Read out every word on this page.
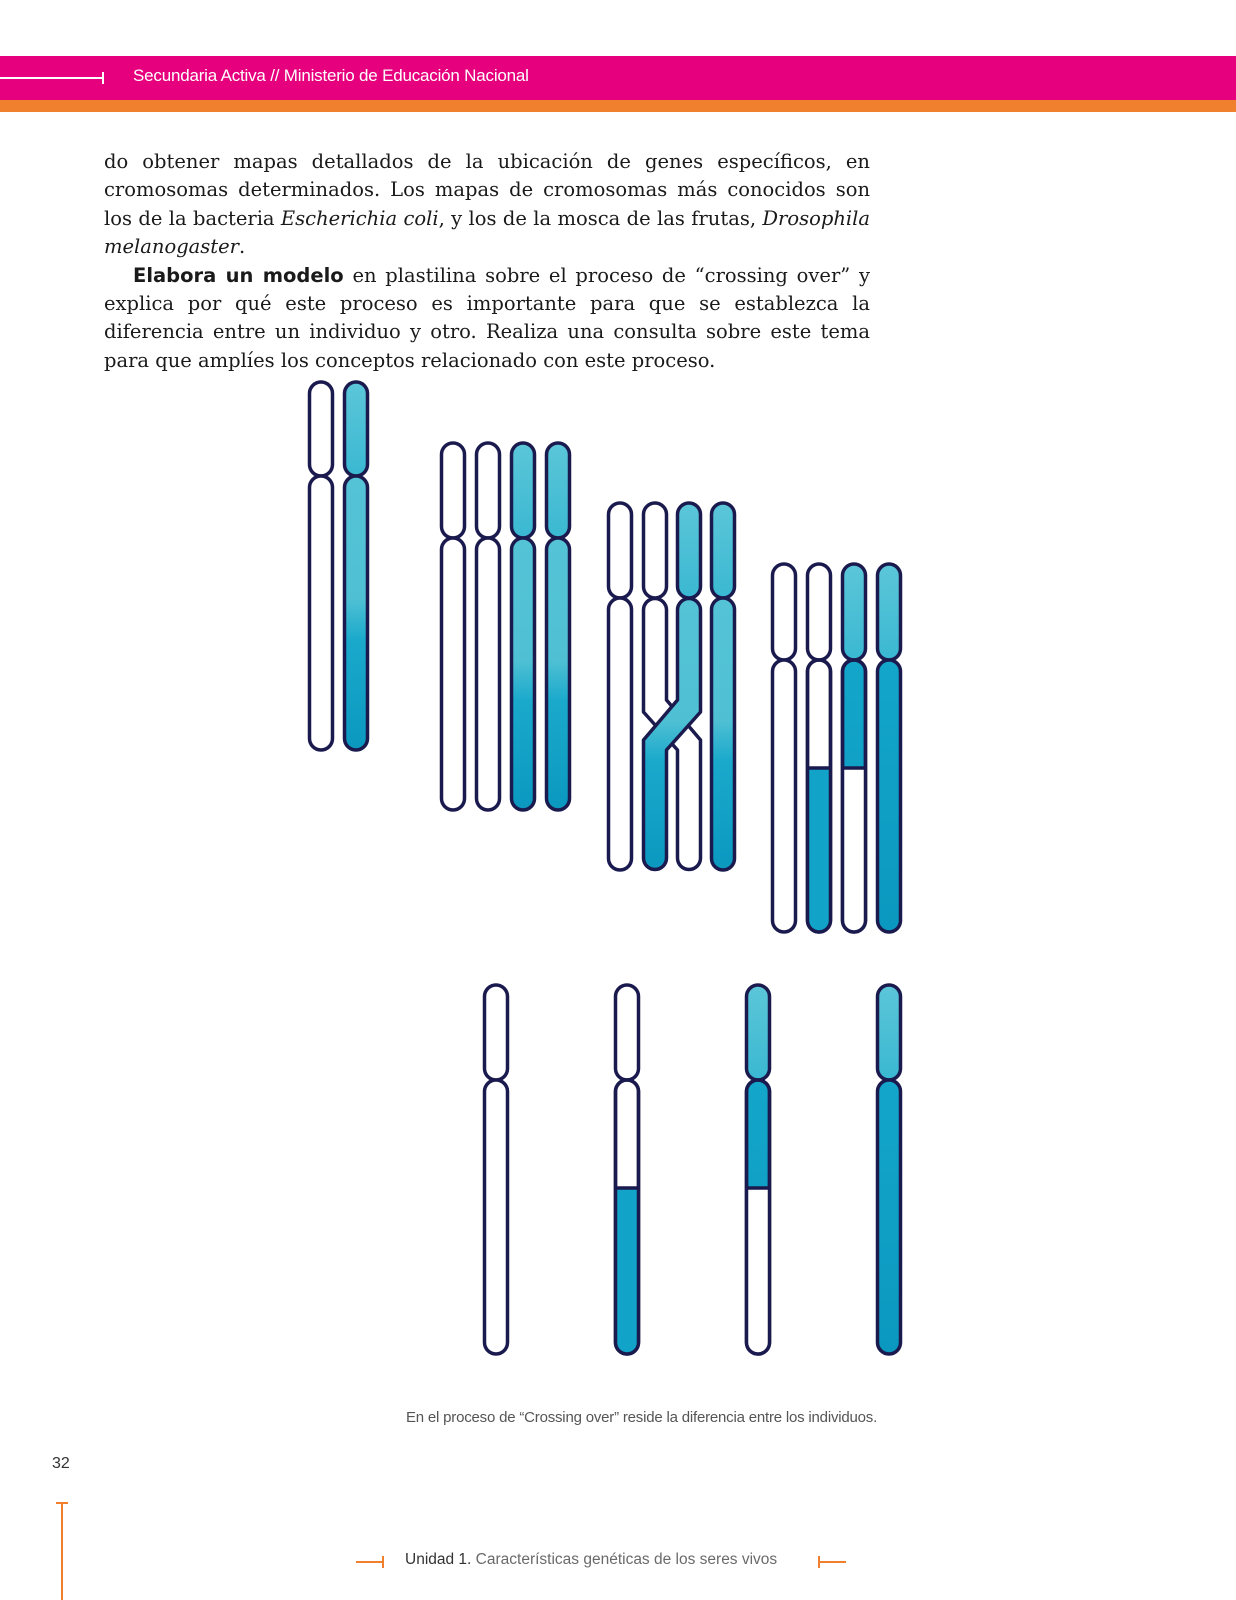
Secundaria Activa // Ministerio de Educación Nacional

do obtener mapas detallados de la ubicación de genes específicos, en cromosomas determinados. Los mapas de cromosomas más conocidos son los de la bacteria Escherichia coli, y los de la mosca de las frutas, Drosophila melanogaster.

Elabora un modelo en plastilina sobre el proceso de “crossing over” y explica por qué este proceso es importante para que se establezca la diferencia entre un individuo y otro. Realiza una consulta sobre este tema para que amplíes los conceptos relacionado con este proceso.

En el proceso de “Crossing over” reside la diferencia entre los individuos.
32
Unidad 1. Características genéticas de los seres vivos
